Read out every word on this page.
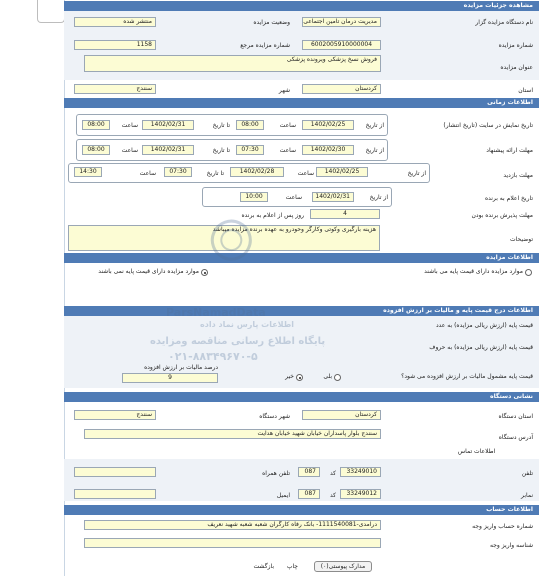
مشاهده جزئیات مزایده
نام دستگاه مزایده گزار
مدیریت درمان تامین اجتماعی
وضعیت مزایده
منتشر شده
شماره مزایده
6002005910000004
شماره مزایده مرجع
1158
عنوان مزایده
فروش نسخ پزشکی ویرونده پزشکی
استان
کردستان
شهر
سنندج
اطلاعات زمانی
تاریخ نمایش در سایت (تاریخ انتشار)
از تاریخ
1402/02/25
ساعت
08:00
تا تاریخ
1402/02/31
ساعت
08:00
مهلت ارائه پیشنهاد
از تاریخ
1402/02/30
ساعت
07:30
تا تاریخ
1402/02/31
ساعت
08:00
مهلت بازدید
از تاریخ
1402/02/25
ساعت
1402/02/28
تا تاریخ
07:30
ساعت
14:30
تاریخ اعلام به برنده
از تاریخ
1402/02/31
ساعت
10:00
مهلت پذیرش برنده بودن
4
روز پس از اعلام به برنده
توضیحات
هزینه بارگیری وکوتی وکارگر وحودرو به عهده برنده مزایده میباشد
اطلاعات مزایده
موارد مزایده دارای قیمت پایه می باشند
موارد مزایده دارای قیمت پایه نمی باشند
اطلاعات درج قیمت پایه و مالیات بر ارزش افزوده
قیمت پایه (ارزش ریالی مزایده) به عدد
قیمت پایه (ارزش ریالی مزایده) به حروف
قیمت پایه مشمول مالیات بر ارزش افزوده می شود؟
بلی
خیر
درصد مالیات بر ارزش افزوده
9
نشانی دستگاه
استان دستگاه
کردستان
شهر دستگاه
سنندج
آدرس دستگاه
سنندج بلوار پاسداران خیابان شهید خیابان هدایت
اطلاعات تماس
تلفن
33249010
کد
087
تلفن همراه
نمابر
33249012
کد
087
ایمیل
اطلاعات حساب
شماره حساب واریز وجه
درآمدی-1111540081- بانک رفاه کارگران شعبه شعبه شهید نعریف
شناسه واریز وجه
چاپ
بازگشت	مدارک پیوستی(۰)
ParsNamadData
اطلاعات پارس نماد داده
پایگاه اطلاع رسانی مناقصه ومزایده
۰۲۱-۸۸۳۴۹۶۷۰-۵
